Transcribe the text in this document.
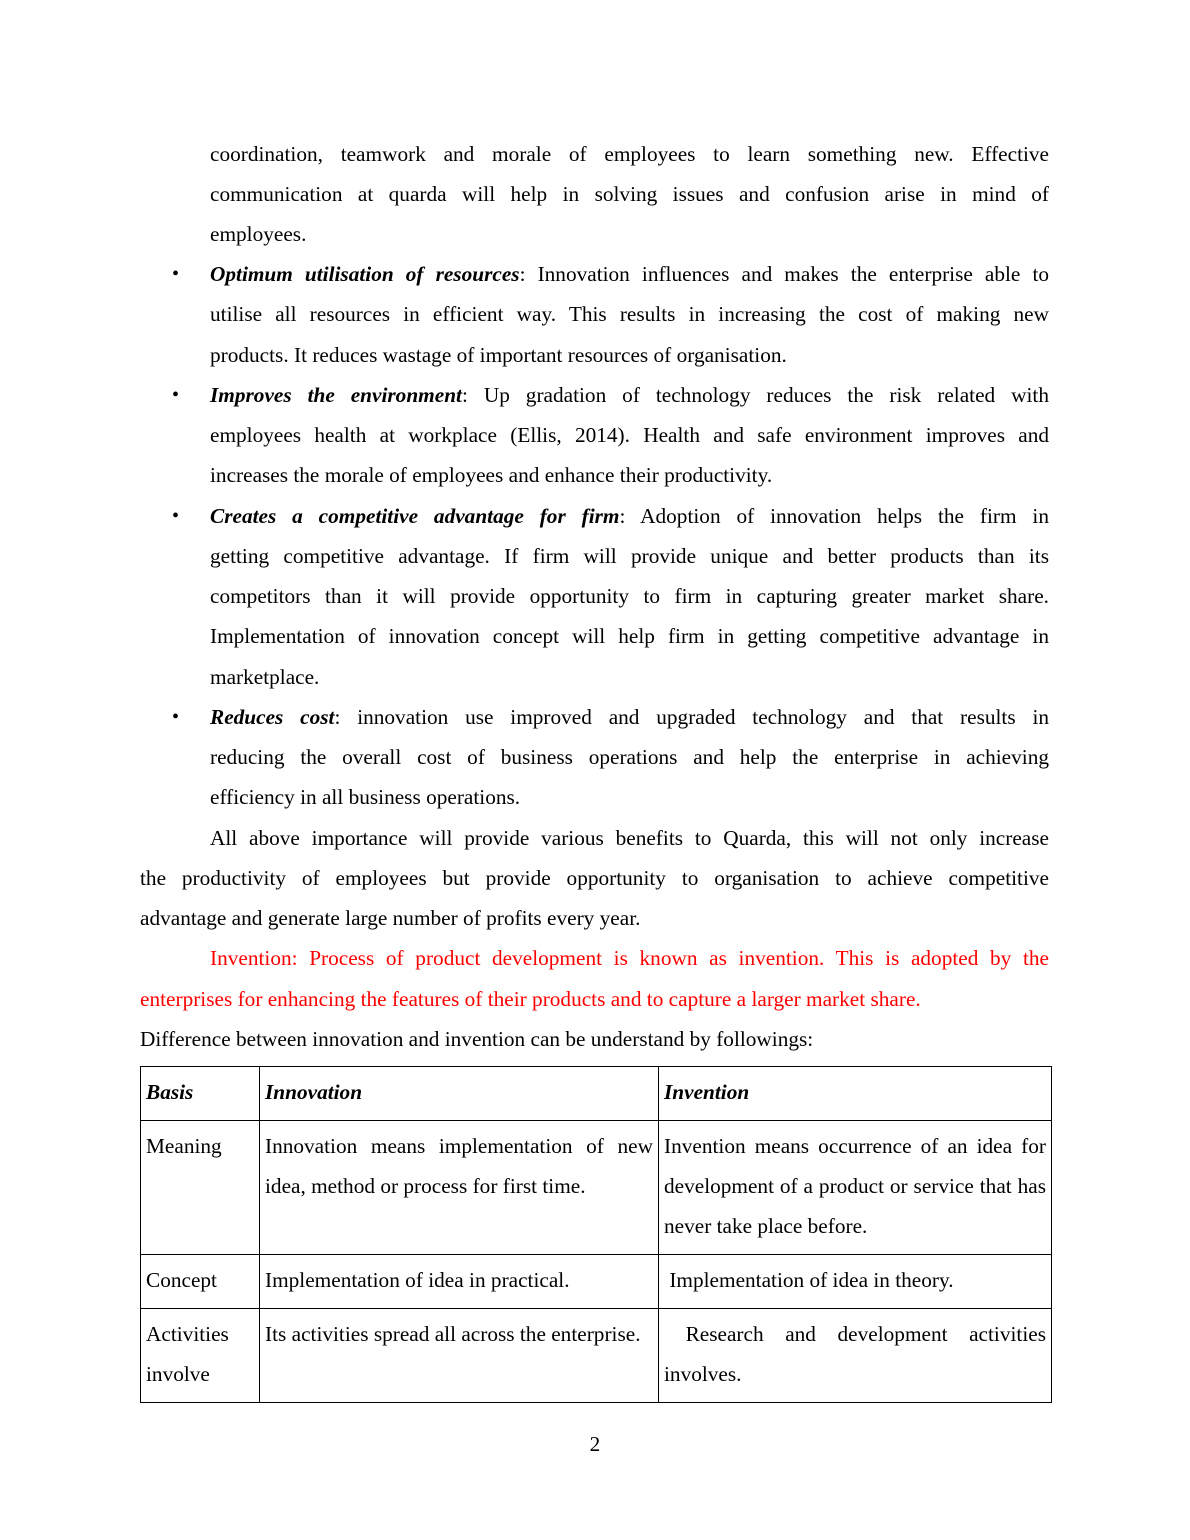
coordination, teamwork and morale of employees to learn something new. Effective
communication at quarda will help in solving issues and confusion arise in mind of
employees.
• Optimum utilisation of resources: Innovation influences and makes the enterprise able to
utilise all resources in efficient way. This results in increasing the cost of making new
products. It reduces wastage of important resources of organisation.
• Improves the environment: Up gradation of technology reduces the risk related with
employees health at workplace (Ellis, 2014). Health and safe environment improves and
increases the morale of employees and enhance their productivity.
• Creates a competitive advantage for firm: Adoption of innovation helps the firm in
getting competitive advantage. If firm will provide unique and better products than its
competitors than it will provide opportunity to firm in capturing greater market share.
Implementation of innovation concept will help firm in getting competitive advantage in
marketplace.
• Reduces cost: innovation use improved and upgraded technology and that results in
reducing the overall cost of business operations and help the enterprise in achieving
efficiency in all business operations.
All above importance will provide various benefits to Quarda, this will not only increase
the productivity of employees but provide opportunity to organisation to achieve competitive
advantage and generate large number of profits every year.
Invention: Process of product development is known as invention. This is adopted by the
enterprises for enhancing the features of their products and to capture a larger market share.
Difference between innovation and invention can be understand by followings:
Basis	Innovation	Invention
Meaning	Innovation means implementation of new idea, method or process for first time.	Invention means occurrence of an idea for development of a product or service that has never take place before.
Concept	Implementation of idea in practical.	Implementation of idea in theory.
Activities involve	Its activities spread all across the enterprise.	Research and development activities involves.
2
